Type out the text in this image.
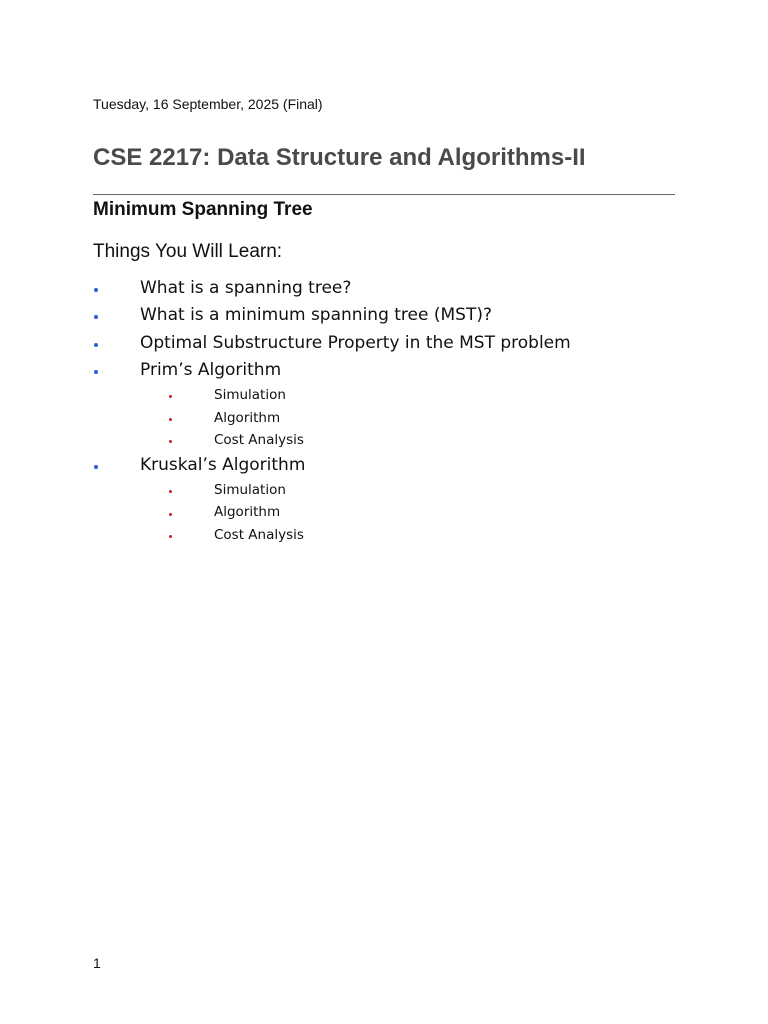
Tuesday, 16 September, 2025 (Final)
CSE 2217: Data Structure and Algorithms-II
Minimum Spanning Tree
Things You Will Learn:
What is a spanning tree?
What is a minimum spanning tree (MST)?
Optimal Substructure Property in the MST problem
Prim’s Algorithm
Simulation
Algorithm
Cost Analysis
Kruskal’s Algorithm
Simulation
Algorithm
Cost Analysis
1
